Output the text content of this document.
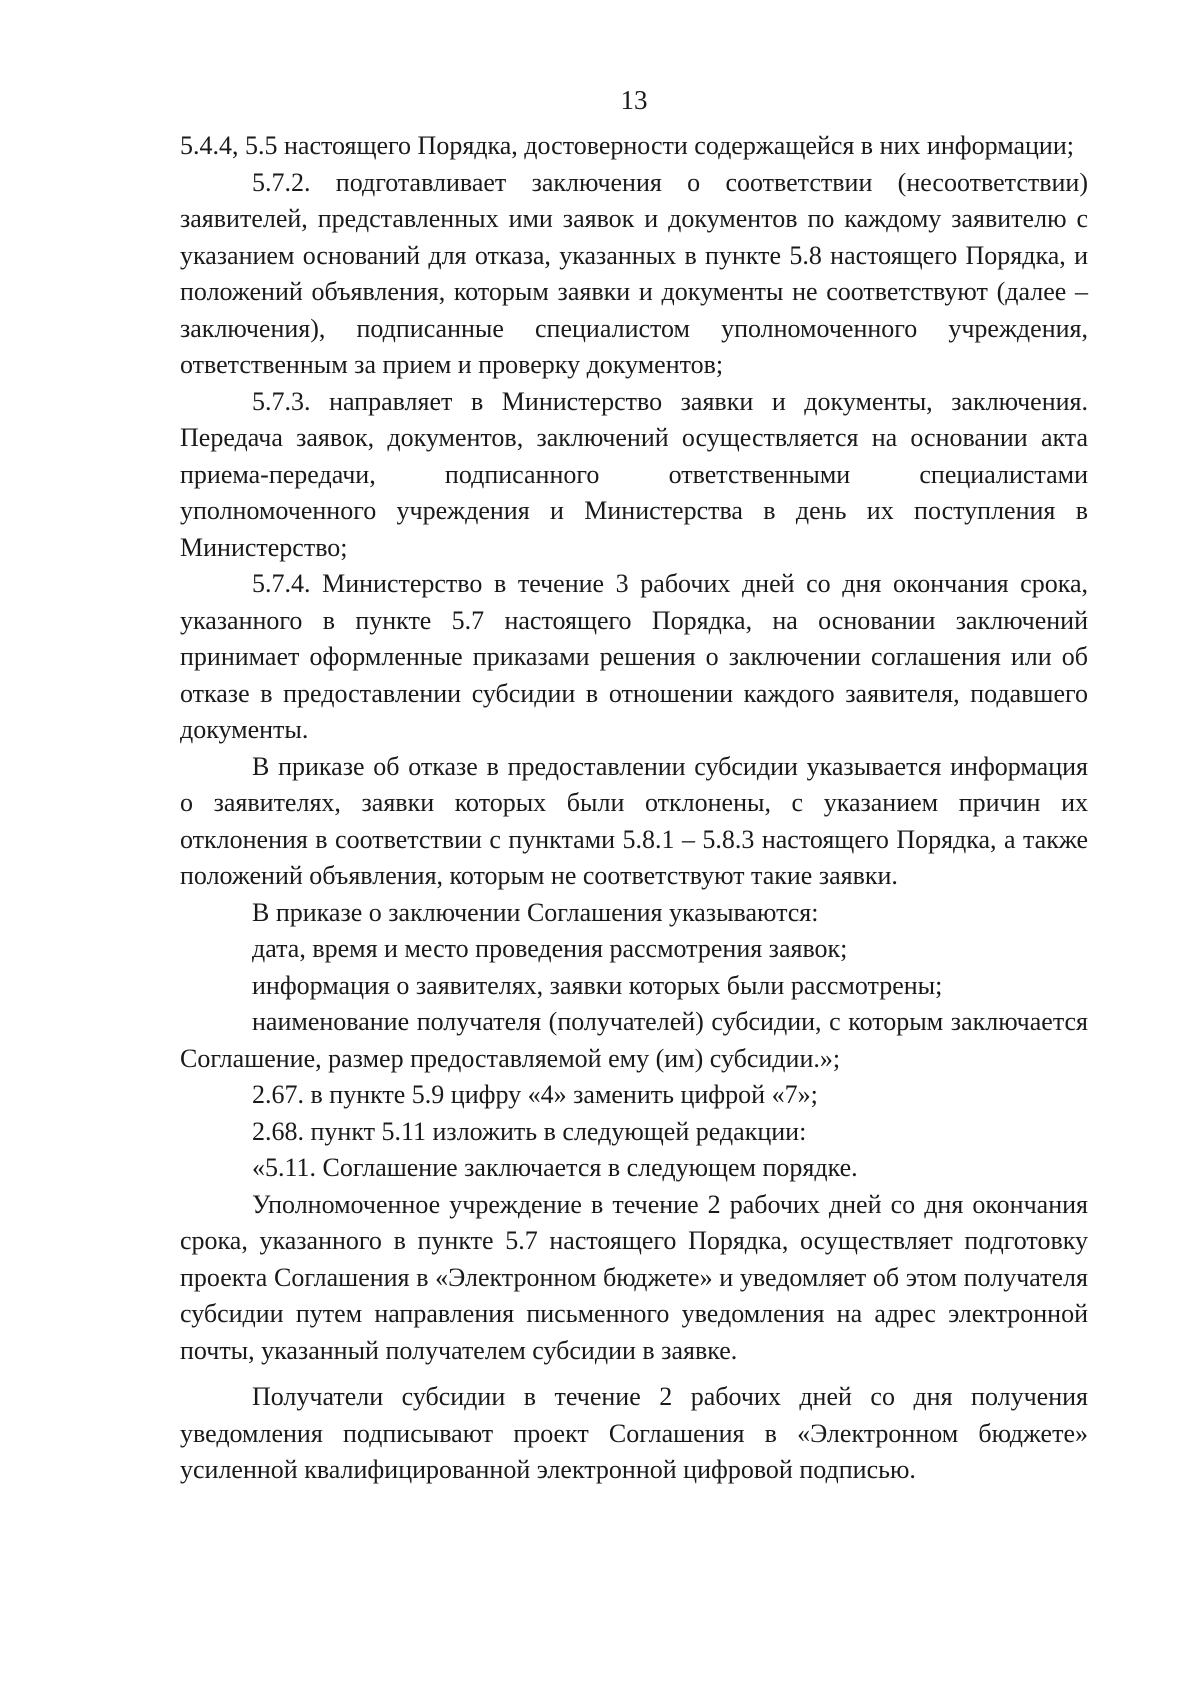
13

5.4.4, 5.5 настоящего Порядка, достоверности содержащейся в них информации;

5.7.2. подготавливает заключения о соответствии (несоответствии) заявителей, представленных ими заявок и документов по каждому заявителю с указанием оснований для отказа, указанных в пункте 5.8 настоящего Порядка, и положений объявления, которым заявки и документы не соответствуют (далее – заключения), подписанные специалистом уполномоченного учреждения, ответственным за прием и проверку документов;

5.7.3. направляет в Министерство заявки и документы, заключения. Передача заявок, документов, заключений осуществляется на основании акта приема-передачи, подписанного ответственными специалистами уполномоченного учреждения и Министерства в день их поступления в Министерство;

5.7.4. Министерство в течение 3 рабочих дней со дня окончания срока, указанного в пункте 5.7 настоящего Порядка, на основании заключений принимает оформленные приказами решения о заключении соглашения или об отказе в предоставлении субсидии в отношении каждого заявителя, подавшего документы.

В приказе об отказе в предоставлении субсидии указывается информация о заявителях, заявки которых были отклонены, с указанием причин их отклонения в соответствии с пунктами 5.8.1 – 5.8.3 настоящего Порядка, а также положений объявления, которым не соответствуют такие заявки.

В приказе о заключении Соглашения указываются:

дата, время и место проведения рассмотрения заявок;

информация о заявителях, заявки которых были рассмотрены;

наименование получателя (получателей) субсидии, с которым заключается Соглашение, размер предоставляемой ему (им) субсидии.»;

2.67. в пункте 5.9 цифру «4» заменить цифрой «7»;

2.68. пункт 5.11 изложить в следующей редакции:

«5.11. Соглашение заключается в следующем порядке.

Уполномоченное учреждение в течение 2 рабочих дней со дня окончания срока, указанного в пункте 5.7 настоящего Порядка, осуществляет подготовку проекта Соглашения в «Электронном бюджете» и уведомляет об этом получателя субсидии путем направления письменного уведомления на адрес электронной почты, указанный получателем субсидии в заявке.

Получатели субсидии в течение 2 рабочих дней со дня получения уведомления подписывают проект Соглашения в «Электронном бюджете» усиленной квалифицированной электронной цифровой подписью.
